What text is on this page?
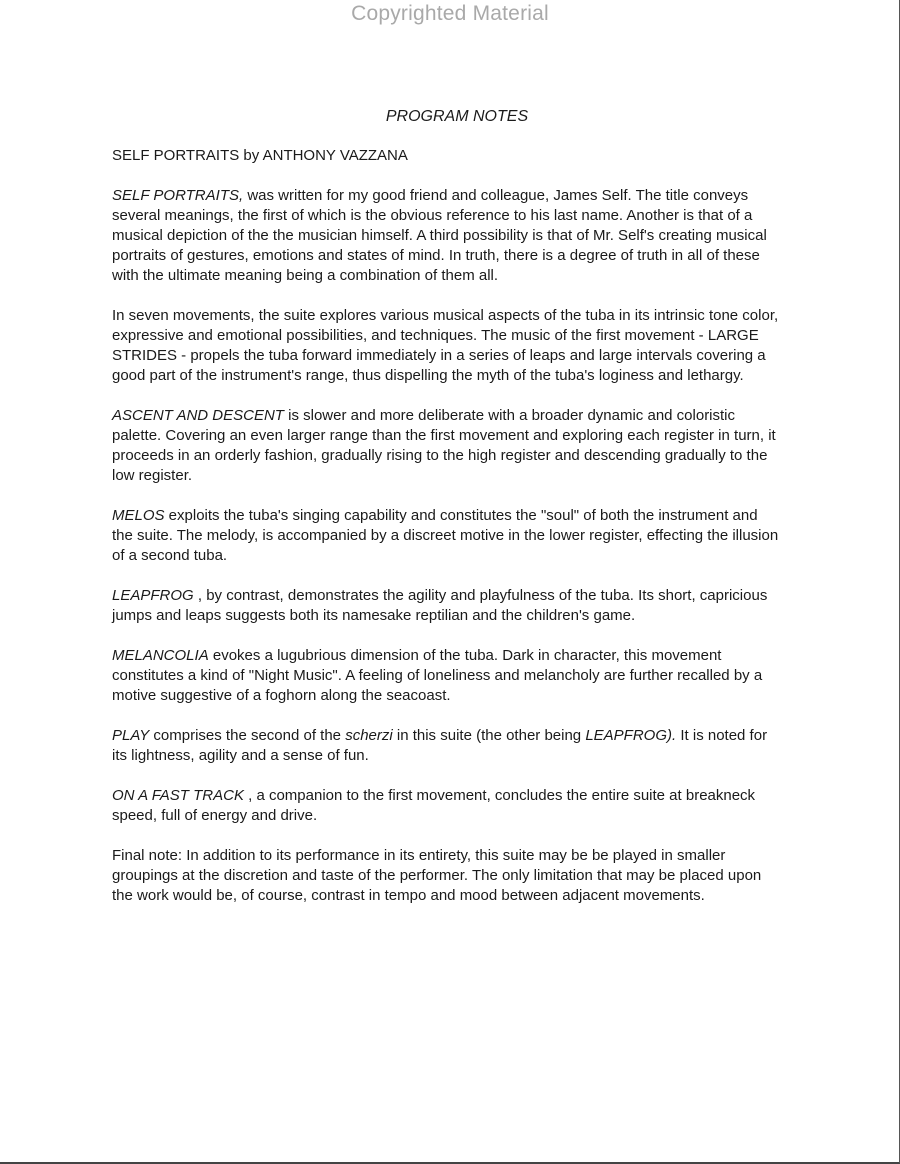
Copyrighted Material
PROGRAM NOTES
SELF PORTRAITS by ANTHONY VAZZANA

SELF PORTRAITS, was written for my good friend and colleague, James Self. The title conveys several meanings, the first of which is the obvious reference to his last name. Another is that of a musical depiction of the the musician himself. A third possibility is that of Mr. Self's creating musical portraits of gestures, emotions and states of mind. In truth, there is a degree of truth in all of these with the ultimate meaning being a combination of them all.

In seven movements, the suite explores various musical aspects of the tuba in its intrinsic tone color, expressive and emotional possibilities, and techniques. The music of the first movement - LARGE STRIDES - propels the tuba forward immediately in a series of leaps and large intervals covering a good part of the instrument's range, thus dispelling the myth of the tuba's loginess and lethargy.

ASCENT AND DESCENT is slower and more deliberate with a broader dynamic and coloristic palette. Covering an even larger range than the first movement and exploring each register in turn, it proceeds in an orderly fashion, gradually rising to the high register and descending gradually to the low register.

MELOS exploits the tuba's singing capability and constitutes the "soul" of both the instrument and the suite. The melody, is accompanied by a discreet motive in the lower register, effecting the illusion of a second tuba.

LEAPFROG , by contrast, demonstrates the agility and playfulness of the tuba. Its short, capricious jumps and leaps suggests both its namesake reptilian and the children's game.

MELANCOLIA evokes a lugubrious dimension of the tuba. Dark in character, this movement constitutes a kind of "Night Music". A feeling of loneliness and melancholy are further recalled by a motive suggestive of a foghorn along the seacoast.

PLAY comprises the second of the scherzi in this suite (the other being LEAPFROG). It is noted for its lightness, agility and a sense of fun.

ON A FAST TRACK , a companion to the first movement, concludes the entire suite at breakneck speed, full of energy and drive.

Final note: In addition to its performance in its entirety, this suite may be be played in smaller groupings at the discretion and taste of the performer. The only limitation that may be placed upon the work would be, of course, contrast in tempo and mood between adjacent movements.
